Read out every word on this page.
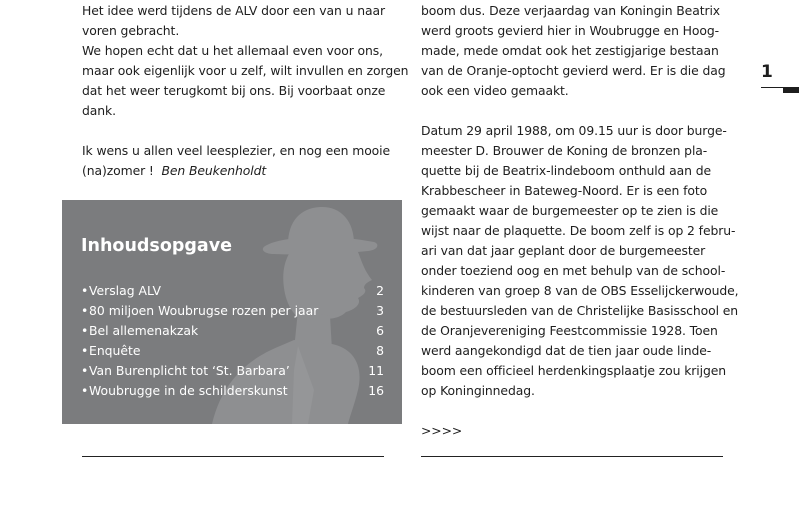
Het idee werd tijdens de ALV door een van u naar
voren gebracht.
We hopen echt dat u het allemaal even voor ons,
maar ook eigenlijk voor u zelf, wilt invullen en zorgen
dat het weer terugkomt bij ons. Bij voorbaat onze
dank.

Ik wens u allen veel leesplezier, en nog een mooie
(na)zomer ! Ben Beukenholdt

Inhoudsopgave
•Verslag ALV	2
•80 miljoen Woubrugse rozen per jaar	3
•Bel allemenakzak	6
•Enquête	8
•Van Burenplicht tot ‘St. Barbara’	11
•Woubrugge in de schilderskunst	16

boom dus. Deze verjaardag van Koningin Beatrix
werd groots gevierd hier in Woubrugge en Hoog-
made, mede omdat ook het zestigjarige bestaan
van de Oranje-optocht gevierd werd. Er is die dag
ook een video gemaakt.

Datum 29 april 1988, om 09.15 uur is door burge-
meester D. Brouwer de Koning de bronzen pla-
quette bij de Beatrix-lindeboom onthuld aan de
Krabbescheer in Bateweg-Noord. Er is een foto
gemaakt waar de burgemeester op te zien is die
wijst naar de plaquette. De boom zelf is op 2 febru-
ari van dat jaar geplant door de burgemeester
onder toeziend oog en met behulp van de school-
kinderen van groep 8 van de OBS Esselijckerwoude,
de bestuursleden van de Christelijke Basisschool en
de Oranjevereniging Feestcommissie 1928. Toen
werd aangekondigd dat de tien jaar oude linde-
boom een officieel herdenkingsplaatje zou krijgen
op Koninginnedag.

>>>>

1
